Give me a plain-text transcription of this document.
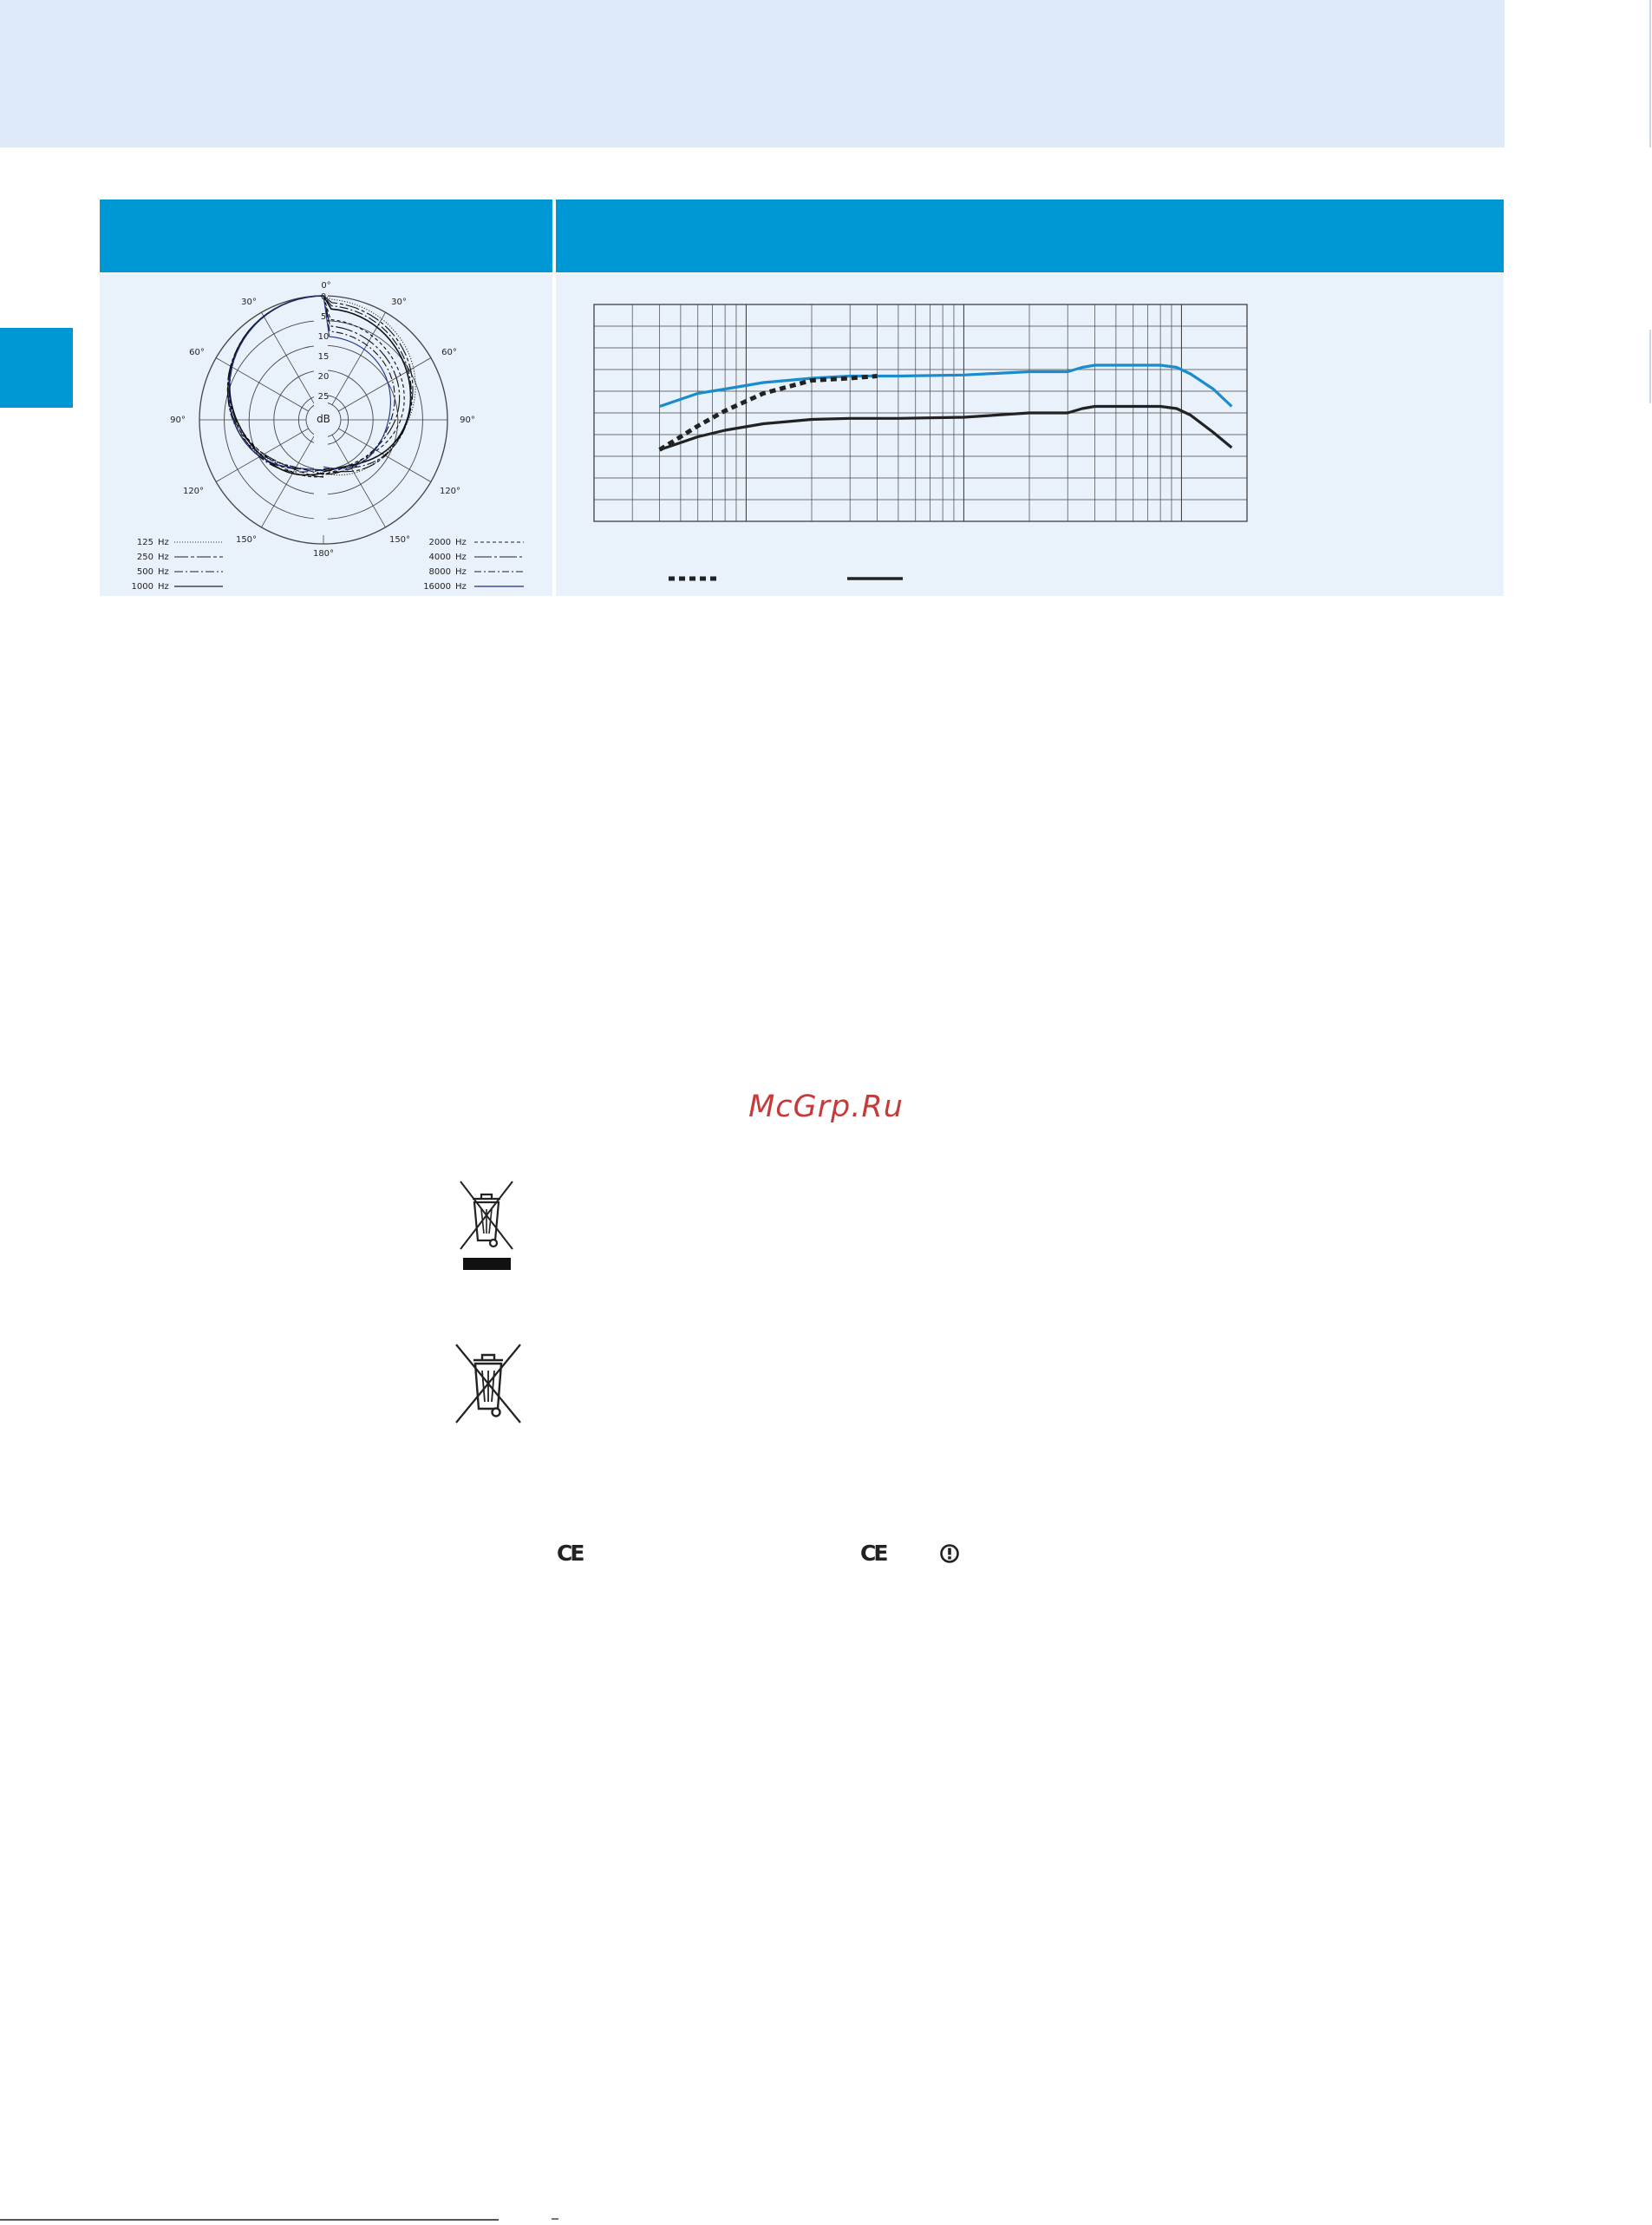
0
5
10
15
20
25
dB
0°
30°	30°
60°	60°
90°	90°
120°	120°
150°	150°
180°
125 Hz
250 Hz
500 Hz
1000 Hz
2000 Hz
4000 Hz
8000 Hz
16000 Hz
McGrp.Ru
CE	CE
